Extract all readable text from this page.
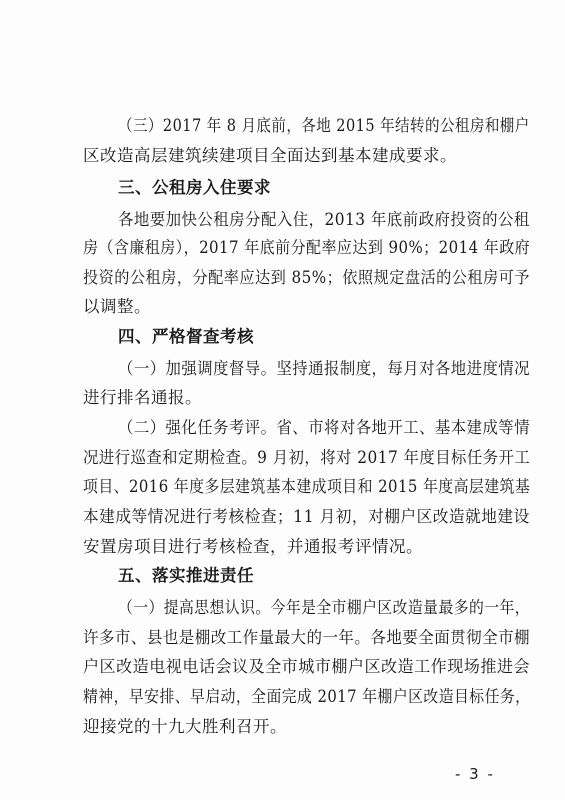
（三）2017 年 8 月底前，各地 2015 年结转的公租房和棚户
区改造高层建筑续建项目全面达到基本建成要求。
三、公租房入住要求
各地要加快公租房分配入住，2013 年底前政府投资的公租
房（含廉租房），2017 年底前分配率应达到 90%；2014 年政府
投资的公租房，分配率应达到 85%；依照规定盘活的公租房可予
以调整。
四、严格督查考核
（一）加强调度督导。坚持通报制度，每月对各地进度情况
进行排名通报。
（二）强化任务考评。省、市将对各地开工、基本建成等情
况进行巡查和定期检查。9 月初，将对 2017 年度目标任务开工
项目、2016 年度多层建筑基本建成项目和 2015 年度高层建筑基
本建成等情况进行考核检查；11 月初，对棚户区改造就地建设
安置房项目进行考核检查，并通报考评情况。
五、落实推进责任
（一）提高思想认识。今年是全市棚户区改造量最多的一年，
许多市、县也是棚改工作量最大的一年。各地要全面贯彻全市棚
户区改造电视电话会议及全市城市棚户区改造工作现场推进会
精神，早安排、早启动，全面完成 2017 年棚户区改造目标任务，
迎接党的十九大胜利召开。
- 3 -
